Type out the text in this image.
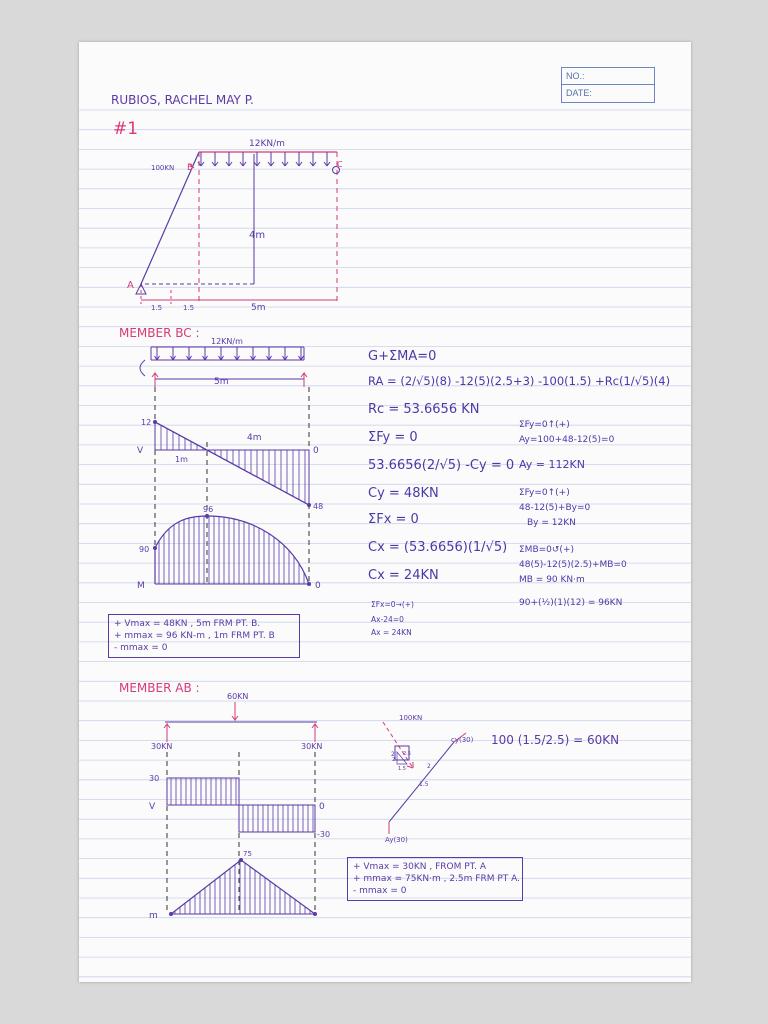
NO.:
DATE:
RUBIOS, RACHEL MAY P.
#1
12KN/m
100KN B	C
A
4m
1.5	1.5	5m
MEMBER BC :
12KN/m
5m
V
12
0
48
1m
4m
M
90
96
0
MEMBER AB :
60KN
30KN	30KN
V
30
0
-30
m
75
100KN
cy(30)
Ay(30)
2
1.5
2
2
1.5
2.5
100 (1.5/2.5) = 60KN
G+ΣMA=0
RA = (2/√5)(8) -12(5)(2.5+3) -100(1.5) +Rc(1/√5)(4)
Rc = 53.6656 KN
ΣFy = 0
53.6656(2/√5) -Cy = 0
Cy = 48KN
ΣFx = 0
Cx = (53.6656)(1/√5)
Cx = 24KN
ΣFx=0→(+)
Ax-24=0
Ax = 24KN
ΣFy=0↑(+)
Ay=100+48-12(5)=0
Ay = 112KN
ΣFy=0↑(+)
48-12(5)+By=0
By = 12KN
ΣMB=0↺(+)
48(5)-12(5)(2.5)+MB=0
MB = 90 KN·m
90+(½)(1)(12) = 96KN
+ Vmax = 48KN , 5m FRM PT. B.
+ mmax = 96 KN-m , 1m FRM PT. B
- mmax = 0
+ Vmax = 30KN , FROM PT. A
+ mmax = 75KN·m , 2.5m FRM PT A.
- mmax = 0
